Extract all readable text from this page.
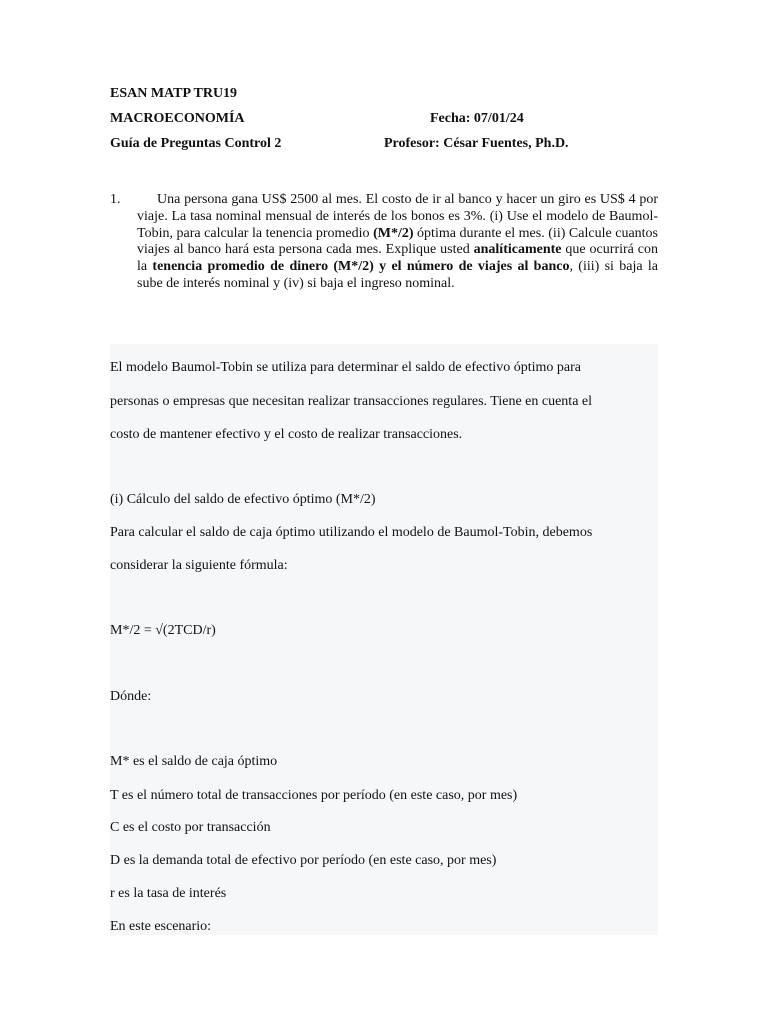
ESAN MATP TRU19
MACROECONOMÍA	Fecha: 07/01/24
Guía de Preguntas Control 2	Profesor: César Fuentes, Ph.D.
1.	Una persona gana US$ 2500 al mes. El costo de ir al banco y hacer un giro es US$ 4 por viaje. La tasa nominal mensual de interés de los bonos es 3%. (i) Use el modelo de Baumol-Tobin, para calcular la tenencia promedio (M*/2) óptima durante el mes. (ii) Calcule cuantos viajes al banco hará esta persona cada mes. Explique usted analíticamente que ocurrirá con la tenencia promedio de dinero (M*/2) y el número de viajes al banco, (iii) si baja la sube de interés nominal y (iv) si baja el ingreso nominal.
El modelo Baumol-Tobin se utiliza para determinar el saldo de efectivo óptimo para
personas o empresas que necesitan realizar transacciones regulares. Tiene en cuenta el
costo de mantener efectivo y el costo de realizar transacciones.
(i) Cálculo del saldo de efectivo óptimo (M*/2)
Para calcular el saldo de caja óptimo utilizando el modelo de Baumol-Tobin, debemos
considerar la siguiente fórmula:
M*/2 = √(2TCD/r)
Dónde:
M* es el saldo de caja óptimo
T es el número total de transacciones por período (en este caso, por mes)
C es el costo por transacción
D es la demanda total de efectivo por período (en este caso, por mes)
r es la tasa de interés
En este escenario:
